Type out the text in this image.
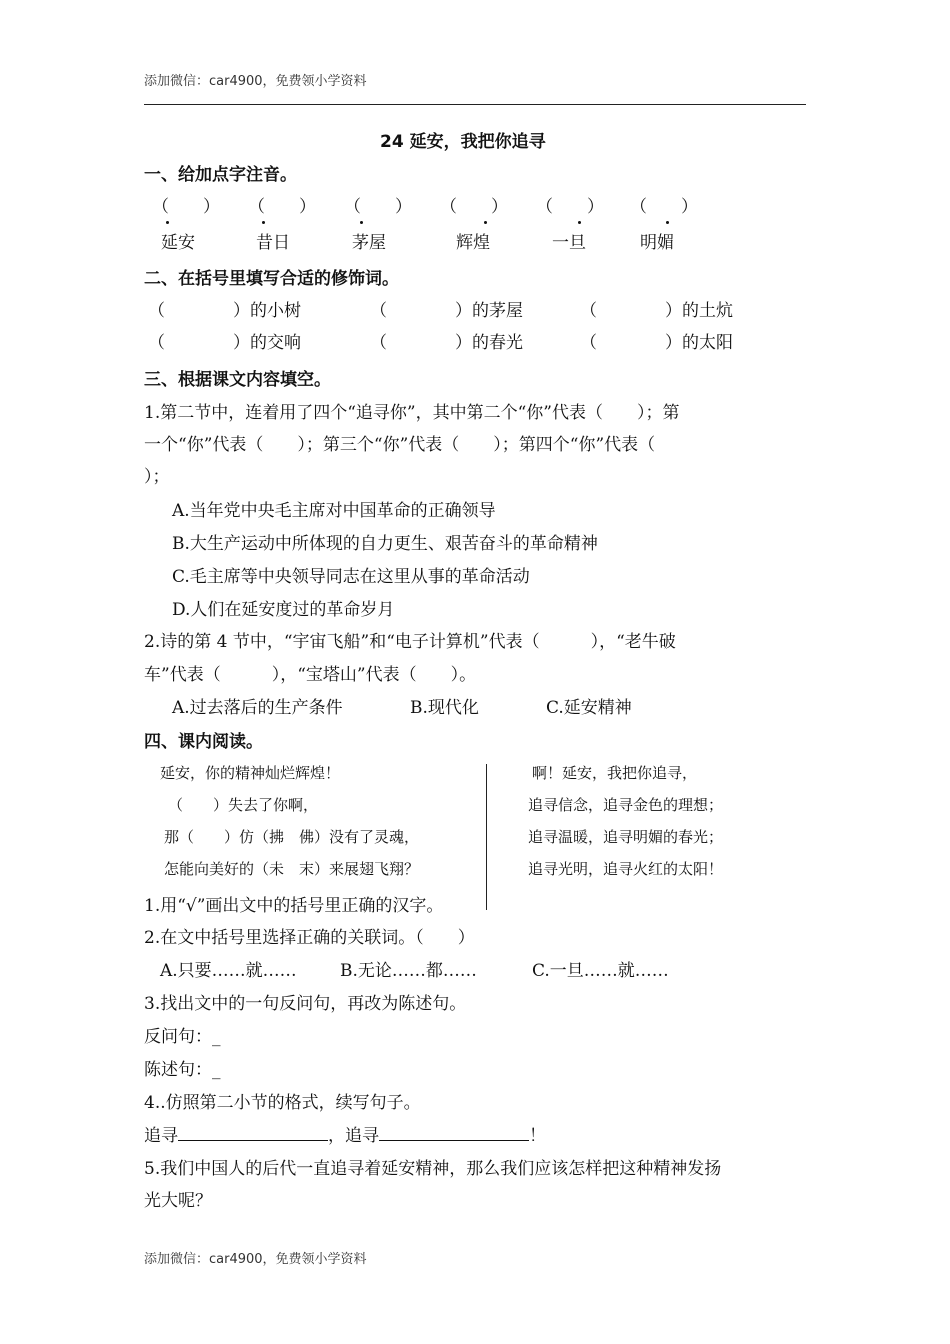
添加微信：car4900，免费领小学资料
24 延安，我把你追寻
一、给加点字注音。
（　　） （　　） （　　） （　　） （　　） （　　）
延安	昔日	茅屋	辉煌	一旦	明媚
二、在括号里填写合适的修饰词。
（　　　　）的小树	（　　　　）的茅屋	（　　　　）的土炕
（　　　　）的交响	（　　　　）的春光	（　　　　）的太阳
三、根据课文内容填空。
1.第二节中，连着用了四个“追寻你”，其中第二个“你”代表（　　）；第
一个“你”代表（　　）；第三个“你”代表（　　）；第四个“你”代表（
）；
A.当年党中央毛主席对中国革命的正确领导
B.大生产运动中所体现的自力更生、艰苦奋斗的革命精神
C.毛主席等中央领导同志在这里从事的革命活动
D.人们在延安度过的革命岁月
2.诗的第 4 节中，“宇宙飞船”和“电子计算机”代表（　　　），“老牛破
车”代表（　　　），“宝塔山”代表（　　）。
A.过去落后的生产条件	B.现代化	C.延安精神
四、课内阅读。
延安，你的精神灿烂辉煌！
（　　）失去了你啊，
那（　　）仿（拂　佛）没有了灵魂，
怎能向美好的（未　末）来展翅飞翔？
啊！延安，我把你追寻，
追寻信念，追寻金色的理想；
追寻温暖，追寻明媚的春光；
追寻光明，追寻火红的太阳！
1.用“√”画出文中的括号里正确的汉字。
2.在文中括号里选择正确的关联词。（　　）
A.只要……就……	B.无论……都……	C.一旦……就……
3.找出文中的一句反问句，再改为陈述句。
反问句：_
陈述句：_
4..仿照第二小节的格式，续写句子。
追寻	，追寻	！
5.我们中国人的后代一直追寻着延安精神，那么我们应该怎样把这种精神发扬
光大呢？
添加微信：car4900，免费领小学资料
